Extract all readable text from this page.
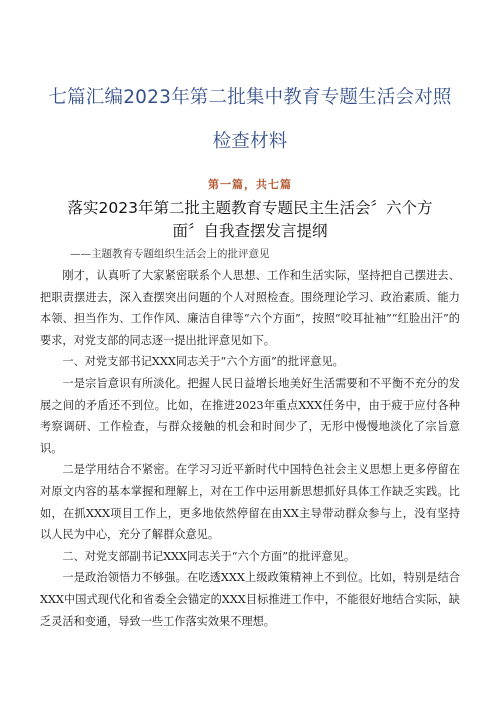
七篇汇编2023年第二批集中教育专题生活会对照检查材料
第一篇，共七篇
落实2023年第二批主题教育专题民主生活会〞六个方面〞自我查摆发言提纲
——主题教育专题组织生活会上的批评意见

刚才，认真听了大家紧密联系个人思想、工作和生活实际，坚持把自己摆进去、把职责摆进去，深入查摆突出问题的个人对照检查。围绕理论学习、政治素质、能力本领、担当作为、工作作风、廉洁自律等“六个方面”，按照“咬耳扯袖”“红脸出汗”的要求，对党支部的同志逐一提出批评意见如下。

一、对党支部书记XXX同志关于“六个方面”的批评意见。

一是宗旨意识有所淡化。把握人民日益增长地美好生活需要和不平衡不充分的发展之间的矛盾还不到位。比如，在推进2023年重点XXX任务中，由于疲于应付各种考察调研、工作检查，与群众接触的机会和时间少了，无形中慢慢地淡化了宗旨意识。

二是学用结合不紧密。在学习习近平新时代中国特色社会主义思想上更多停留在对原文内容的基本掌握和理解上，对在工作中运用新思想抓好具体工作缺乏实践。比如，在抓XXX项目工作上，更多地依然停留在由XX主导带动群众参与上，没有坚持以人民为中心，充分了解群众意见。

二、对党支部副书记XXX同志关于“六个方面”的批评意见。

一是政治领悟力不够强。在吃透XXX上级政策精神上不到位。比如，特别是结合XXX中国式现代化和省委全会锚定的XXX目标推进工作中，不能很好地结合实际，缺乏灵活和变通，导致一些工作落实效果不理想。
